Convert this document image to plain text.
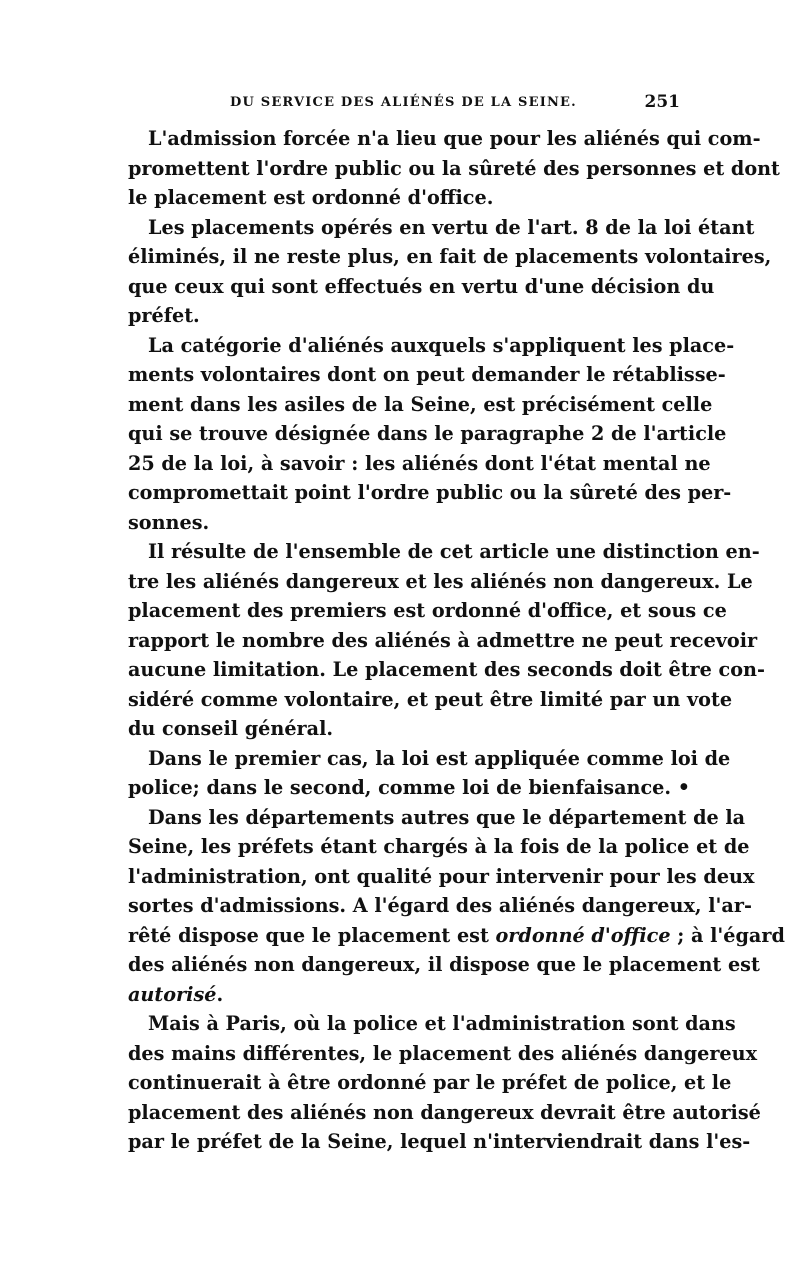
DU SERVICE DES ALIÉNÉS DE LA SEINE.	251
L'admission forcée n'a lieu que pour les aliénés qui com-
promettent l'ordre public ou la sûreté des personnes et dont
le placement est ordonné d'office.
Les placements opérés en vertu de l'art. 8 de la loi étant
éliminés, il ne reste plus, en fait de placements volontaires,
que ceux qui sont effectués en vertu d'une décision du
préfet.
La catégorie d'aliénés auxquels s'appliquent les place-
ments volontaires dont on peut demander le rétablisse-
ment dans les asiles de la Seine, est précisément celle
qui se trouve désignée dans le paragraphe 2 de l'article
25 de la loi, à savoir : les aliénés dont l'état mental ne
compromettait point l'ordre public ou la sûreté des per-
sonnes.
Il résulte de l'ensemble de cet article une distinction en-
tre les aliénés dangereux et les aliénés non dangereux. Le
placement des premiers est ordonné d'office, et sous ce
rapport le nombre des aliénés à admettre ne peut recevoir
aucune limitation. Le placement des seconds doit être con-
sidéré comme volontaire, et peut être limité par un vote
du conseil général.
Dans le premier cas, la loi est appliquée comme loi de
police; dans le second, comme loi de bienfaisance. •
Dans les départements autres que le département de la
Seine, les préfets étant chargés à la fois de la police et de
l'administration, ont qualité pour intervenir pour les deux
sortes d'admissions. A l'égard des aliénés dangereux, l'ar-
rêté dispose que le placement est ordonné d'office ; à l'égard
des aliénés non dangereux, il dispose que le placement est
autorisé.
Mais à Paris, où la police et l'administration sont dans
des mains différentes, le placement des aliénés dangereux
continuerait à être ordonné par le préfet de police, et le
placement des aliénés non dangereux devrait être autorisé
par le préfet de la Seine, lequel n'interviendrait dans l'es-
